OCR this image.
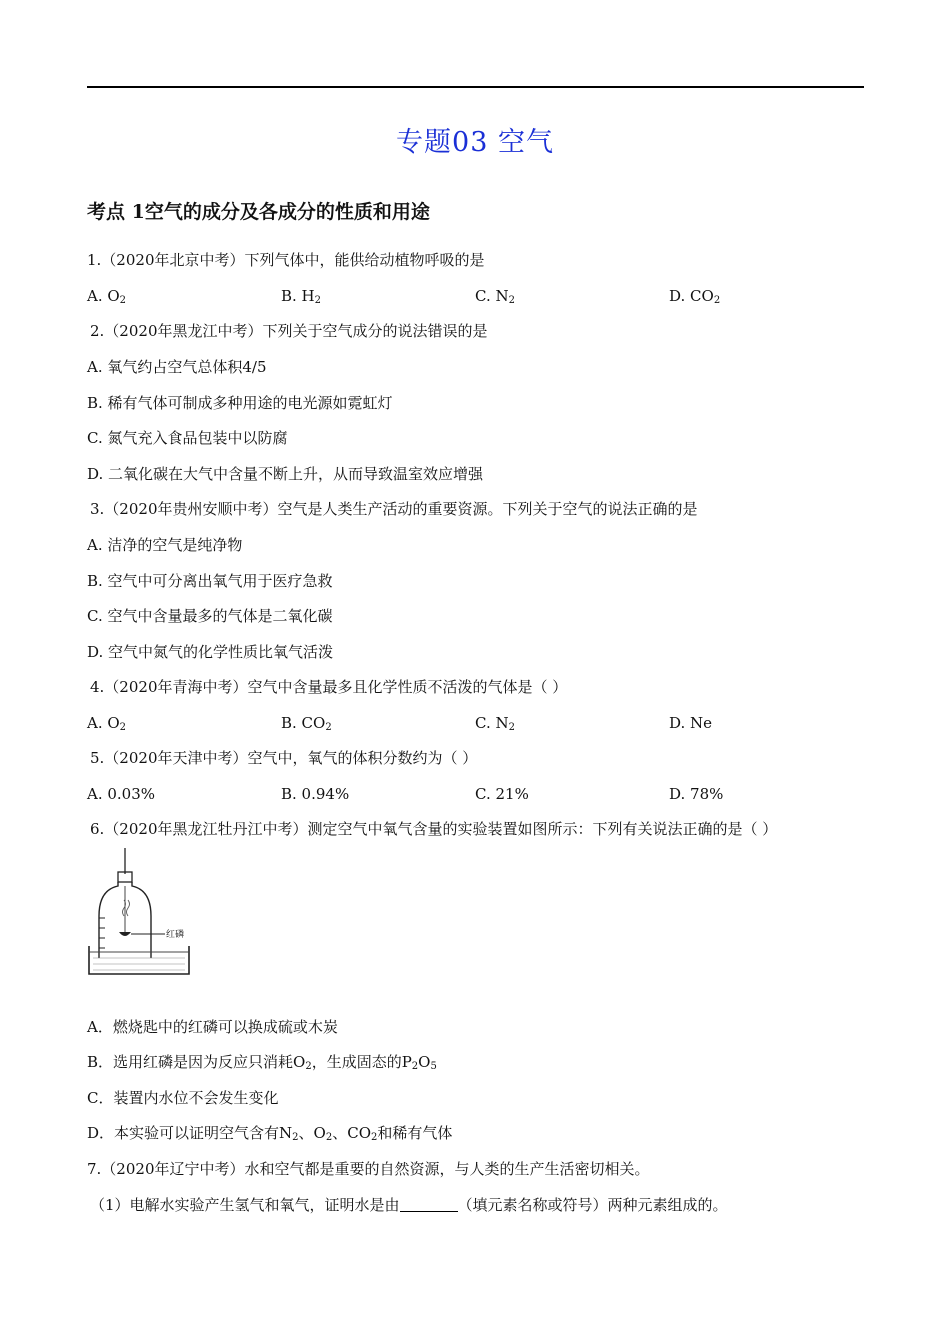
专题03 空气
考点 1空气的成分及各成分的性质和用途
1.（2020年北京中考）下列气体中，能供给动植物呼吸的是
A. $O_2$	B. $H_2$	C. $N_2$	D. $CO_2$
2.（2020年黑龙江中考）下列关于空气成分的说法错误的是
A. 氧气约占空气总体积4/5
B. 稀有气体可制成多种用途的电光源如霓虹灯
C. 氮气充入食品包装中以防腐
D. 二氧化碳在大气中含量不断上升，从而导致温室效应增强
3.（2020年贵州安顺中考）空气是人类生产活动的重要资源。下列关于空气的说法正确的是
A. 洁净的空气是纯净物
B. 空气中可分离出氧气用于医疗急救
C. 空气中含量最多的气体是二氧化碳
D. 空气中氮气的化学性质比氧气活泼
4.（2020年青海中考）空气中含量最多且化学性质不活泼的气体是（ ）
A. $O_2$	B. $CO_2$	C. $N_2$	D. Ne
5.（2020年天津中考）空气中，氧气的体积分数约为（ ）
A. 0.03%	B. 0.94%	C. 21%	D. 78%
6.（2020年黑龙江牡丹江中考）测定空气中氧气含量的实验装置如图所示：下列有关说法正确的是（ ）
红磷
A．燃烧匙中的红磷可以换成硫或木炭
B．选用红磷是因为反应只消耗$O_2$，生成固态的$P_2O_5$
C．装置内水位不会发生变化
D．本实验可以证明空气含有$N_2$、$O_2$、$CO_2$和稀有气体
7.（2020年辽宁中考）水和空气都是重要的自然资源，与人类的生产生活密切相关。
（1）电解水实验产生氢气和氧气，证明水是由	（填元素名称或符号）两种元素组成的。
